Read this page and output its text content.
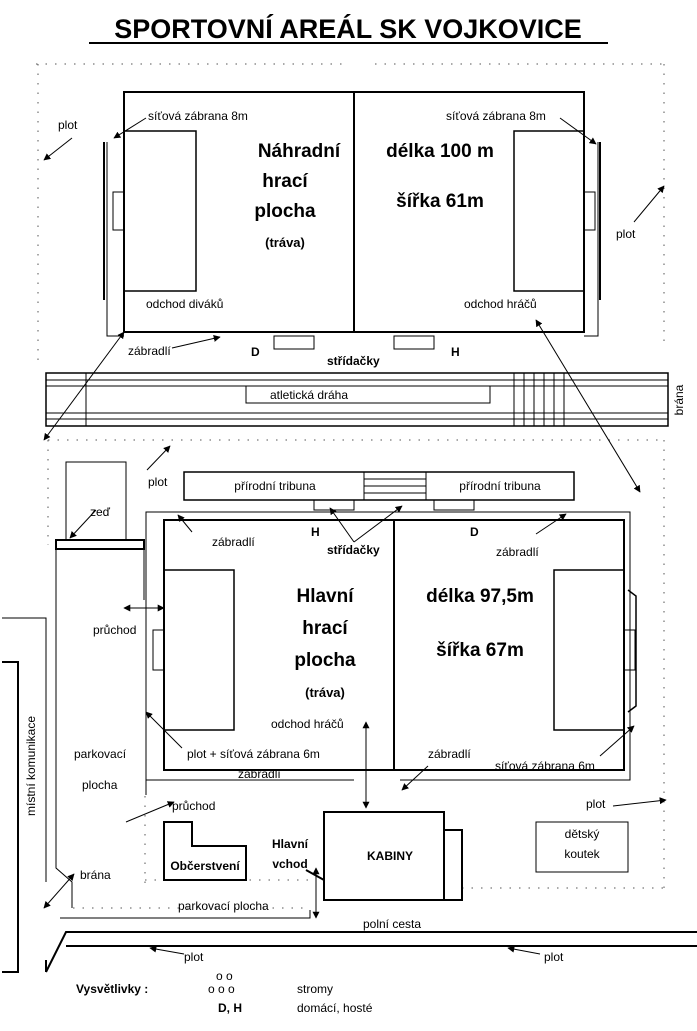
SPORTOVNÍ AREÁL SK VOJKOVICE
Náhradní
hrací
plocha
(tráva)
délka 100 m
šířka 61m
síťová zábrana 8m	síťová zábrana 8m
odchod diváků	odchod hráčů
zábradlí	D	H
střídačky
atletická dráha	brána
přírodní tribuna	přírodní tribuna
Hlavní
hrací
plocha
(tráva)
délka 97,5m
šířka 67m
H	D
střídačky
zábradlí
zábradlí
zábradlí
zábradlí
odchod hráčů
plot + síťová zábrana 6m
síťová zábrana 6m
Občerstvení
KABINY
Hlavní
vchod
dětský
koutek
plot
plot
plot
plot
plot	plot
zeď
průchod
průchod
parkovací
plocha
brána
parkovací plocha
polní cesta
místní komunikace
Vysvětlivky :
o o
o o o	stromy
D, H	domácí, hosté
